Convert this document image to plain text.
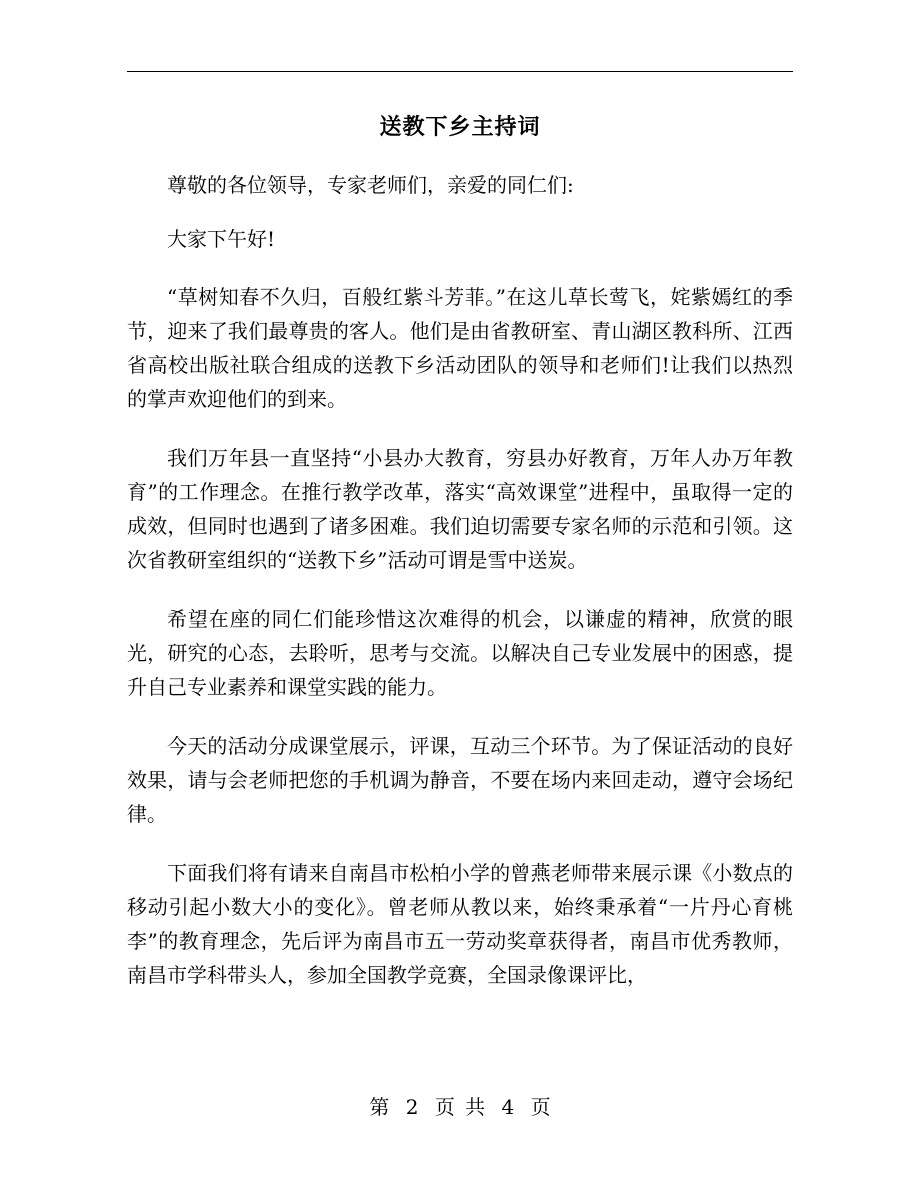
送教下乡主持词

尊敬的各位领导，专家老师们，亲爱的同仁们:

大家下午好!

“草树知春不久归，百般红紫斗芳菲。”在这儿草长莺飞，姹紫嫣红的季节，迎来了我们最尊贵的客人。他们是由省教研室、青山湖区教科所、江西省高校出版社联合组成的送教下乡活动团队的领导和老师们!让我们以热烈的掌声欢迎他们的到来。

我们万年县一直坚持“小县办大教育，穷县办好教育，万年人办万年教育”的工作理念。在推行教学改革，落实“高效课堂”进程中，虽取得一定的成效，但同时也遇到了诸多困难。我们迫切需要专家名师的示范和引领。这次省教研室组织的“送教下乡”活动可谓是雪中送炭。

希望在座的同仁们能珍惜这次难得的机会，以谦虚的精神，欣赏的眼光，研究的心态，去聆听，思考与交流。以解决自己专业发展中的困惑，提升自己专业素养和课堂实践的能力。

今天的活动分成课堂展示，评课，互动三个环节。为了保证活动的良好效果，请与会老师把您的手机调为静音，不要在场内来回走动，遵守会场纪律。

下面我们将有请来自南昌市松柏小学的曾燕老师带来展示课《小数点的移动引起小数大小的变化》。曾老师从教以来，始终秉承着“一片丹心育桃李”的教育理念，先后评为南昌市五一劳动奖章获得者，南昌市优秀教师，南昌市学科带头人，参加全国教学竞赛，全国录像课评比，

第 2 页 共 4 页
